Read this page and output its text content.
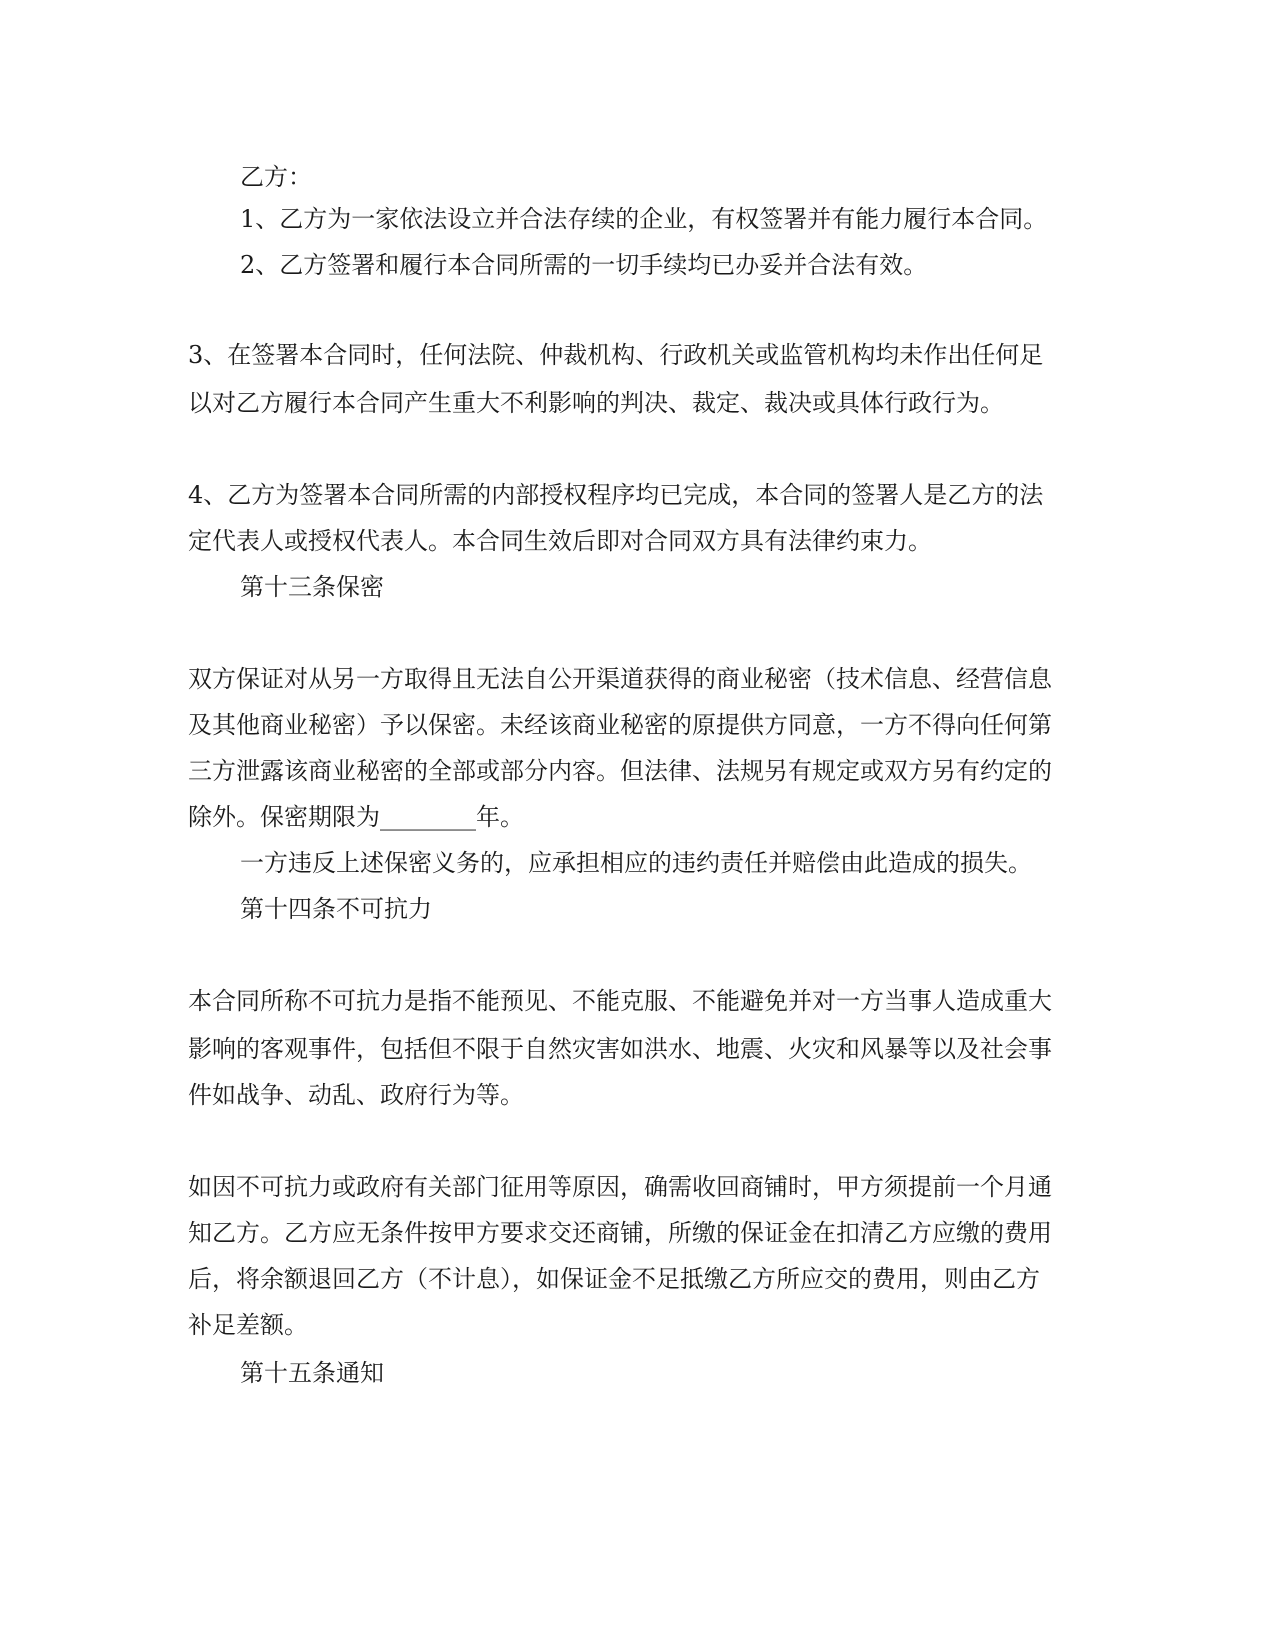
乙方：
1、乙方为一家依法设立并合法存续的企业，有权签署并有能力履行本合同。
2、乙方签署和履行本合同所需的一切手续均已办妥并合法有效。
3、在签署本合同时，任何法院、仲裁机构、行政机关或监管机构均未作出任何足
以对乙方履行本合同产生重大不利影响的判决、裁定、裁决或具体行政行为。
4、乙方为签署本合同所需的内部授权程序均已完成，本合同的签署人是乙方的法
定代表人或授权代表人。本合同生效后即对合同双方具有法律约束力。
第十三条保密
双方保证对从另一方取得且无法自公开渠道获得的商业秘密（技术信息、经营信息
及其他商业秘密）予以保密。未经该商业秘密的原提供方同意，一方不得向任何第
三方泄露该商业秘密的全部或部分内容。但法律、法规另有规定或双方另有约定的
除外。保密期限为________年。
一方违反上述保密义务的，应承担相应的违约责任并赔偿由此造成的损失。
第十四条不可抗力
本合同所称不可抗力是指不能预见、不能克服、不能避免并对一方当事人造成重大
影响的客观事件，包括但不限于自然灾害如洪水、地震、火灾和风暴等以及社会事
件如战争、动乱、政府行为等。
如因不可抗力或政府有关部门征用等原因，确需收回商铺时，甲方须提前一个月通
知乙方。乙方应无条件按甲方要求交还商铺，所缴的保证金在扣清乙方应缴的费用
后，将余额退回乙方（不计息），如保证金不足抵缴乙方所应交的费用，则由乙方
补足差额。
第十五条通知
